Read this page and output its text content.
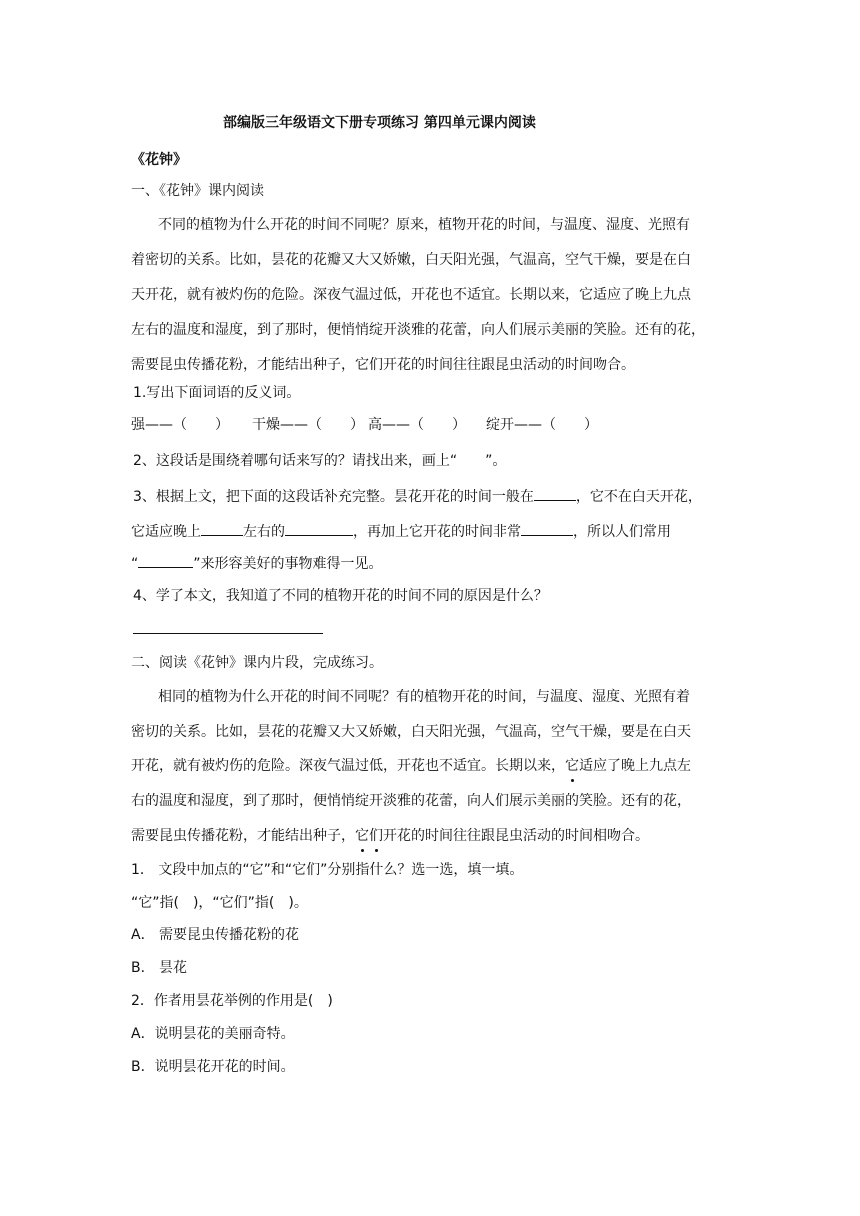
部编版三年级语文下册专项练习 第四单元课内阅读
《花钟》
一、《花钟》课内阅读
不同的植物为什么开花的时间不同呢？原来，植物开花的时间，与温度、湿度、光照有
着密切的关系。比如，昙花的花瓣又大又娇嫩，白天阳光强，气温高，空气干燥，要是在白
天开花，就有被灼伤的危险。深夜气温过低，开花也不适宜。长期以来，它适应了晚上九点
左右的温度和湿度，到了那时，便悄悄绽开淡雅的花蕾，向人们展示美丽的笑脸。还有的花，
需要昆虫传播花粉，才能结出种子，它们开花的时间往往跟昆虫活动的时间吻合。
1.写出下面词语的反义词。
强——（　　） 干燥——（　　） 高——（　　） 绽开——（　　）
2、这段话是围绕着哪句话来写的？请找出来，画上“　　”。
3、根据上文，把下面的这段话补充完整。昙花开花的时间一般在	，它不在白天开花，
它适应晚上	左右的	，再加上它开花的时间非常	，所以人们常用
“	”来形容美好的事物难得一见。
4、学了本文，我知道了不同的植物开花的时间不同的原因是什么？
二、阅读《花钟》课内片段，完成练习。
相同的植物为什么开花的时间不同呢？有的植物开花的时间，与温度、湿度、光照有着
密切的关系。比如，昙花的花瓣又大又娇嫩，白天阳光强，气温高，空气干燥，要是在白天
开花，就有被灼伤的危险。深夜气温过低，开花也不适宜。长期以来，它适应了晚上九点左
右的温度和湿度，到了那时，便悄悄绽开淡雅的花蕾，向人们展示美丽的笑脸。还有的花，
需要昆虫传播花粉，才能结出种子，它们开花的时间往往跟昆虫活动的时间相吻合。
1． 文段中加点的“它”和“它们”分别指什么？选一选，填一填。
“它”指(　)，“它们”指(　)。
A． 需要昆虫传播花粉的花
B． 昙花
2．作者用昙花举例的作用是(　)
A．说明昙花的美丽奇特。
B．说明昙花开花的时间。
